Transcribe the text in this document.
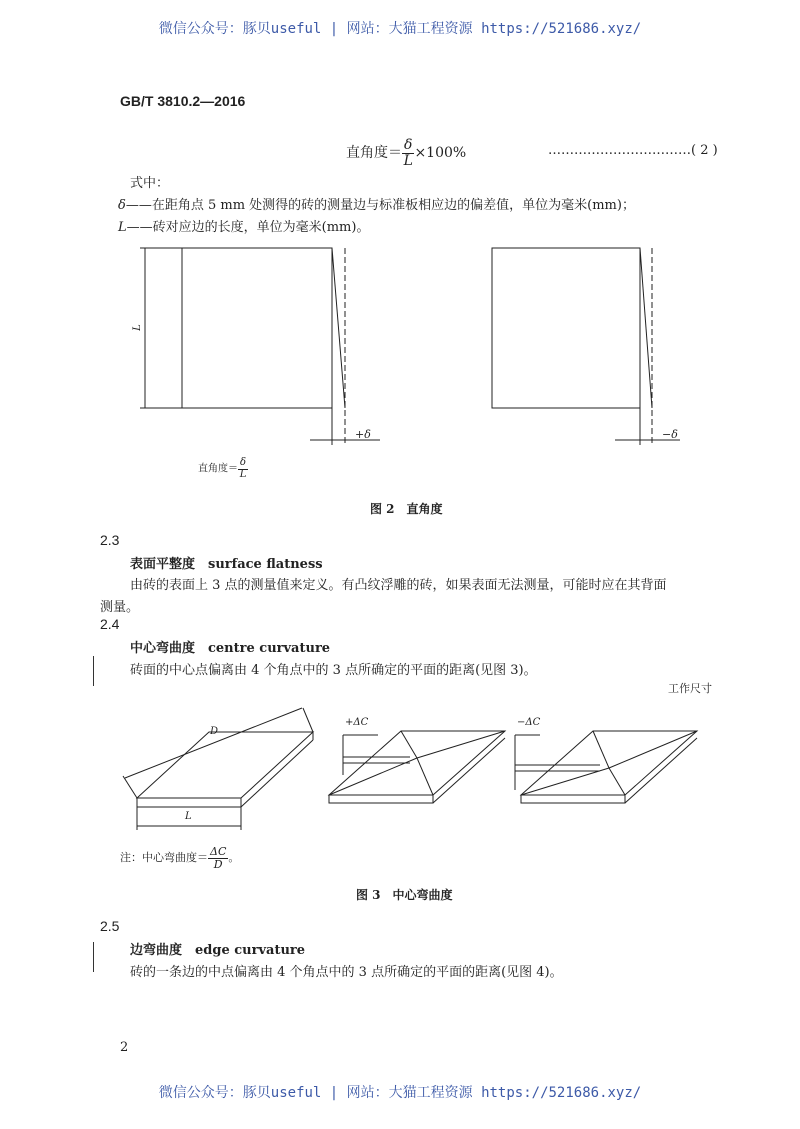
微信公众号：豚贝useful | 网站：大猫工程资源 https://521686.xyz/
GB/T 3810.2—2016
直角度＝ $\frac{\delta}{L} \times 100\%$	……………………………( 2 )
式中：
δ——在距角点 5 mm 处测得的砖的测量边与标准板相应边的偏差值，单位为毫米(mm)；
L——砖对应边的长度，单位为毫米(mm)。
L
+δ	−δ
直角度＝ $\frac{\delta}{L}$
图 2　直角度
2.3
表面平整度　surface flatness
由砖的表面上 3 点的测量值来定义。有凸纹浮雕的砖，如果表面无法测量，可能时应在其背面
测量。
2.4
中心弯曲度　centre curvature
砖面的中心点偏离由 4 个角点中的 3 点所确定的平面的距离(见图 3)。
工作尺寸
D
L
+ΔC	−ΔC
注：中心弯曲度＝ $\frac{\Delta C}{D}$ 。
图 3　中心弯曲度
2.5
边弯曲度　edge curvature
砖的一条边的中点偏离由 4 个角点中的 3 点所确定的平面的距离(见图 4)。
2
微信公众号：豚贝useful | 网站：大猫工程资源 https://521686.xyz/
